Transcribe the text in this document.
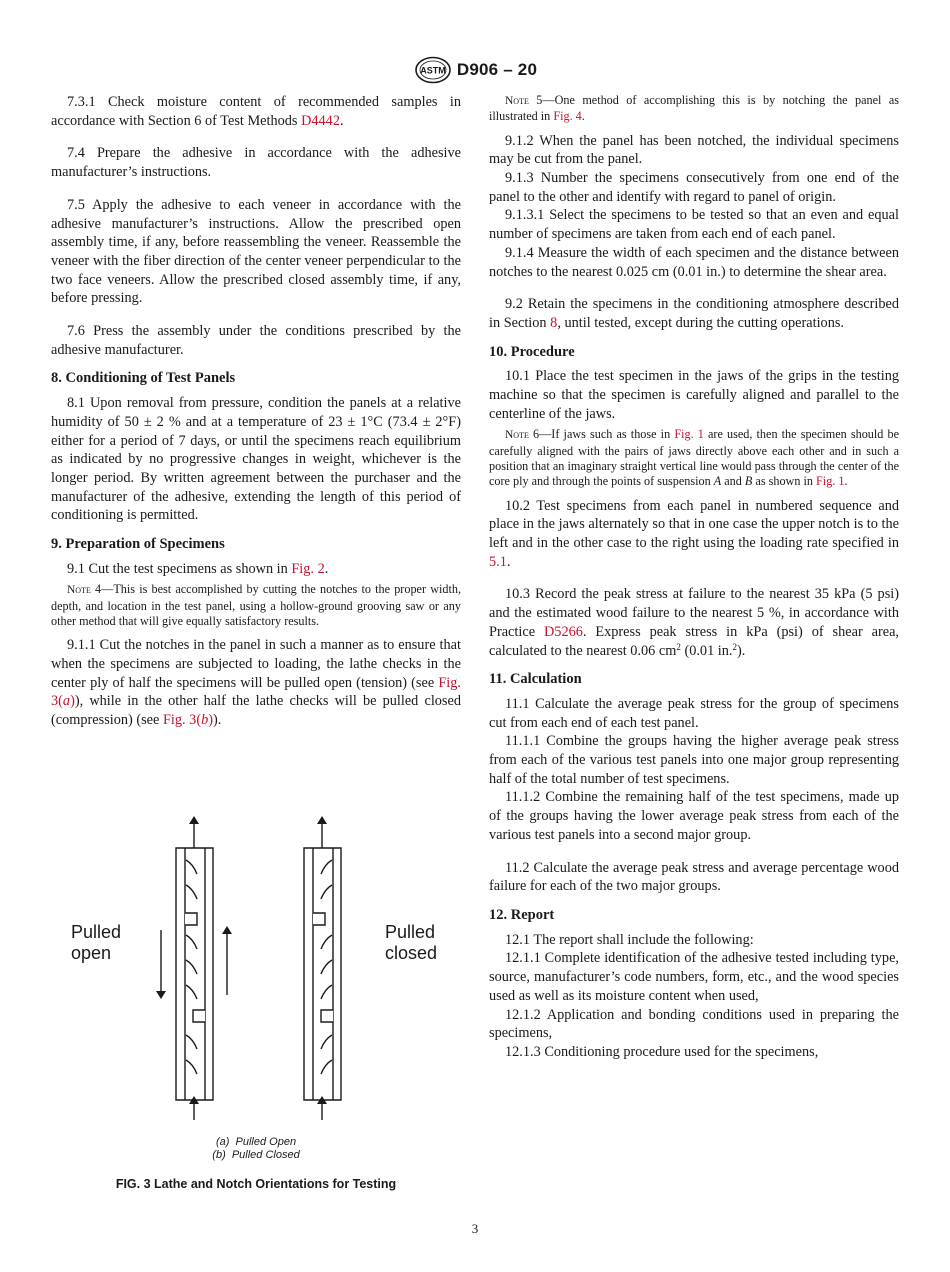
ASTM D906 – 20

7.3.1 Check moisture content of recommended samples in accordance with Section 6 of Test Methods D4442.

7.4 Prepare the adhesive in accordance with the adhesive manufacturer’s instructions.

7.5 Apply the adhesive to each veneer in accordance with the adhesive manufacturer’s instructions. Allow the prescribed open assembly time, if any, before reassembling the veneer. Reassemble the veneer with the fiber direction of the center veneer perpendicular to the two face veneers. Allow the prescribed closed assembly time, if any, before pressing.

7.6 Press the assembly under the conditions prescribed by the adhesive manufacturer.

8. Conditioning of Test Panels

8.1 Upon removal from pressure, condition the panels at a relative humidity of 50 ± 2 % and at a temperature of 23 ± 1°C (73.4 ± 2°F) either for a period of 7 days, or until the specimens reach equilibrium as indicated by no progressive changes in weight, whichever is the longer period. By written agreement between the purchaser and the manufacturer of the adhesive, extending the length of this period of conditioning is permitted.

9. Preparation of Specimens

9.1 Cut the test specimens as shown in Fig. 2.

Note 4—This is best accomplished by cutting the notches to the proper width, depth, and location in the test panel, using a hollow-ground grooving saw or any other method that will give equally satisfactory results.

9.1.1 Cut the notches in the panel in such a manner as to ensure that when the specimens are subjected to loading, the lathe checks in the center ply of half the specimens will be pulled open (tension) (see Fig. 3(a)), while in the other half the lathe checks will be pulled closed (compression) (see Fig. 3(b)).

Pulled
open
Pulled
closed
(a)  Pulled Open
(b)  Pulled Closed
FIG. 3 Lathe and Notch Orientations for Testing

Note 5—One method of accomplishing this is by notching the panel as illustrated in Fig. 4.

9.1.2 When the panel has been notched, the individual specimens may be cut from the panel.

9.1.3 Number the specimens consecutively from one end of the panel to the other and identify with regard to panel of origin.

9.1.3.1 Select the specimens to be tested so that an even and equal number of specimens are taken from each end of each panel.

9.1.4 Measure the width of each specimen and the distance between notches to the nearest 0.025 cm (0.01 in.) to determine the shear area.

9.2 Retain the specimens in the conditioning atmosphere described in Section 8, until tested, except during the cutting operations.

10. Procedure

10.1 Place the test specimen in the jaws of the grips in the testing machine so that the specimen is carefully aligned and parallel to the centerline of the jaws.

Note 6—If jaws such as those in Fig. 1 are used, then the specimen should be carefully aligned with the pairs of jaws directly above each other and in such a position that an imaginary straight vertical line would pass through the center of the core ply and through the points of suspension A and B as shown in Fig. 1.

10.2 Test specimens from each panel in numbered sequence and place in the jaws alternately so that in one case the upper notch is to the left and in the other case to the right using the loading rate specified in 5.1.

10.3 Record the peak stress at failure to the nearest 35 kPa (5 psi) and the estimated wood failure to the nearest 5 %, in accordance with Practice D5266. Express peak stress in kPa (psi) of shear area, calculated to the nearest 0.06 $cm^2$ (0.01 in.$^2$).

11. Calculation

11.1 Calculate the average peak stress for the group of specimens cut from each end of each test panel.

11.1.1 Combine the groups having the higher average peak stress from each of the various test panels into one major group representing half of the total number of test specimens.

11.1.2 Combine the remaining half of the test specimens, made up of the groups having the lower average peak stress from each of the various test panels into a second major group.

11.2 Calculate the average peak stress and average percentage wood failure for each of the two major groups.

12. Report

12.1 The report shall include the following:

12.1.1 Complete identification of the adhesive tested including type, source, manufacturer’s code numbers, form, etc., and the wood species used as well as its moisture content when used,

12.1.2 Application and bonding conditions used in preparing the specimens,

12.1.3 Conditioning procedure used for the specimens,

3
